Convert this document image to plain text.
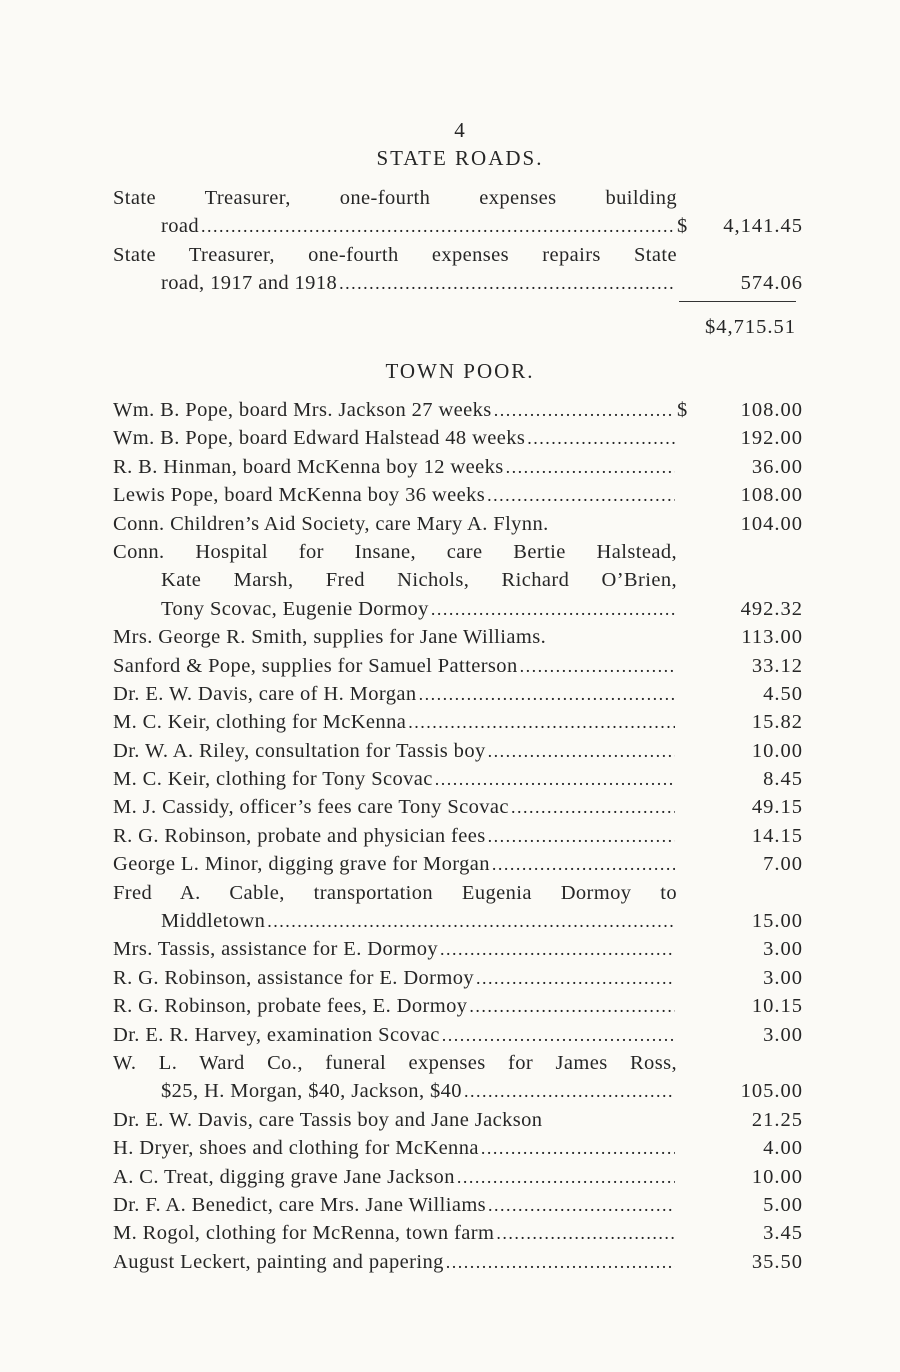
4
STATE ROADS.
State Treasurer, one-fourth expenses building
road . . .	$	4,141.45
State Treasurer, one-fourth expenses repairs State
road, 1917 and 1918 . . .	574.06
$4,715.51
TOWN POOR.
Wm. B. Pope, board Mrs. Jackson 27 weeks . . .	$	108.00
Wm. B. Pope, board Edward Halstead 48 weeks . . .	192.00
R. B. Hinman, board McKenna boy 12 weeks . . .	36.00
Lewis Pope, board McKenna boy 36 weeks . . .	108.00
Conn. Children’s Aid Society, care Mary A. Flynn.	104.00
Conn. Hospital for Insane, care Bertie Halstead,
Kate Marsh, Fred Nichols, Richard O’Brien,
Tony Scovac, Eugenie Dormoy . . .	492.32
Mrs. George R. Smith, supplies for Jane Williams.	113.00
Sanford & Pope, supplies for Samuel Patterson . . .	33.12
Dr. E. W. Davis, care of H. Morgan . . .	4.50
M. C. Keir, clothing for McKenna . . .	15.82
Dr. W. A. Riley, consultation for Tassis boy . . .	10.00
M. C. Keir, clothing for Tony Scovac . . .	8.45
M. J. Cassidy, officer’s fees care Tony Scovac . . .	49.15
R. G. Robinson, probate and physician fees . . .	14.15
George L. Minor, digging grave for Morgan . . .	7.00
Fred A. Cable, transportation Eugenia Dormoy to
Middletown . . .	15.00
Mrs. Tassis, assistance for E. Dormoy . . .	3.00
R. G. Robinson, assistance for E. Dormoy . . .	3.00
R. G. Robinson, probate fees, E. Dormoy . . .	10.15
Dr. E. R. Harvey, examination Scovac . . .	3.00
W. L. Ward Co., funeral expenses for James Ross,
$25, H. Morgan, $40, Jackson, $40 . . .	105.00
Dr. E. W. Davis, care Tassis boy and Jane Jackson	21.25
H. Dryer, shoes and clothing for McKenna . . .	4.00
A. C. Treat, digging grave Jane Jackson . . .	10.00
Dr. F. A. Benedict, care Mrs. Jane Williams . . .	5.00
M. Rogol, clothing for McRenna, town farm . . .	3.45
August Leckert, painting and papering . . .	35.50
